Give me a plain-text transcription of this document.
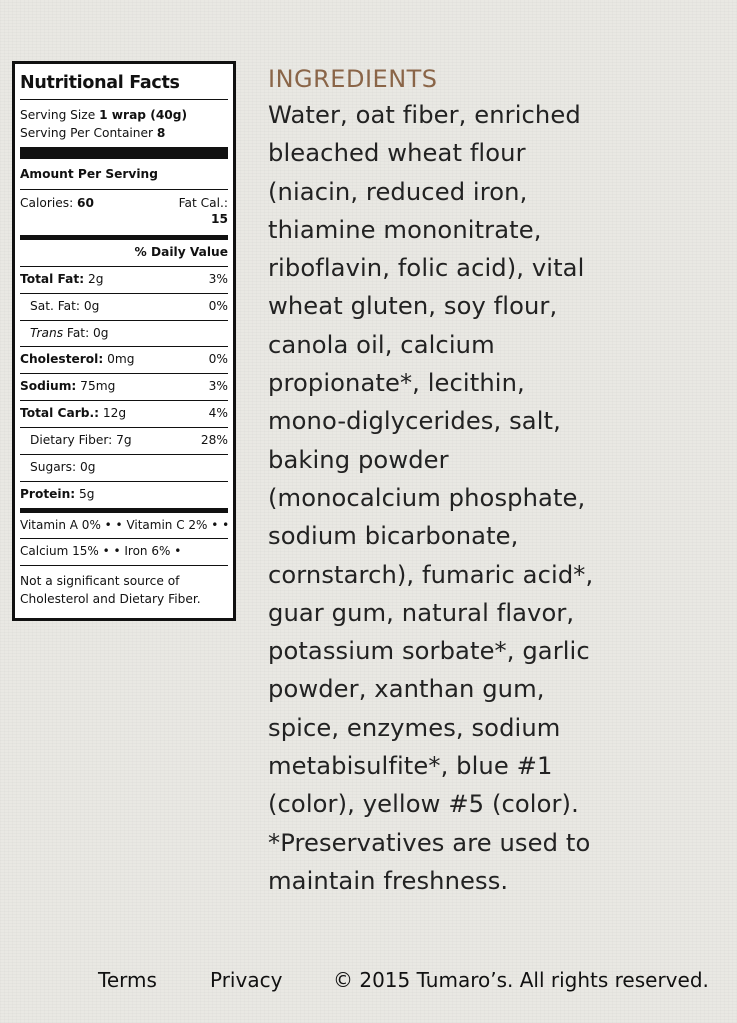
Nutritional Facts
Serving Size 1 wrap (40g)
Serving Per Container 8
Amount Per Serving
Calories: 60	Fat Cal.:
15
% Daily Value
Total Fat: 2g	3%
Sat. Fat: 0g	0%
Trans Fat: 0g
Cholesterol: 0mg	0%
Sodium: 75mg	3%
Total Carb.: 12g	4%
Dietary Fiber: 7g	28%
Sugars: 0g
Protein: 5g
Vitamin A 0% • • Vitamin C 2% • •
Calcium 15% • • Iron 6% •
Not a significant source of Cholesterol and Dietary Fiber.
INGREDIENTS
Water, oat fiber, enriched
bleached wheat flour
(niacin, reduced iron,
thiamine mononitrate,
riboflavin, folic acid), vital
wheat gluten, soy flour,
canola oil, calcium
propionate*, lecithin,
mono-diglycerides, salt,
baking powder
(monocalcium phosphate,
sodium bicarbonate,
cornstarch), fumaric acid*,
guar gum, natural flavor,
potassium sorbate*, garlic
powder, xanthan gum,
spice, enzymes, sodium
metabisulfite*, blue #1
(color), yellow #5 (color).
*Preservatives are used to
maintain freshness.
Terms	Privacy	© 2015 Tumaro’s. All rights reserved.
